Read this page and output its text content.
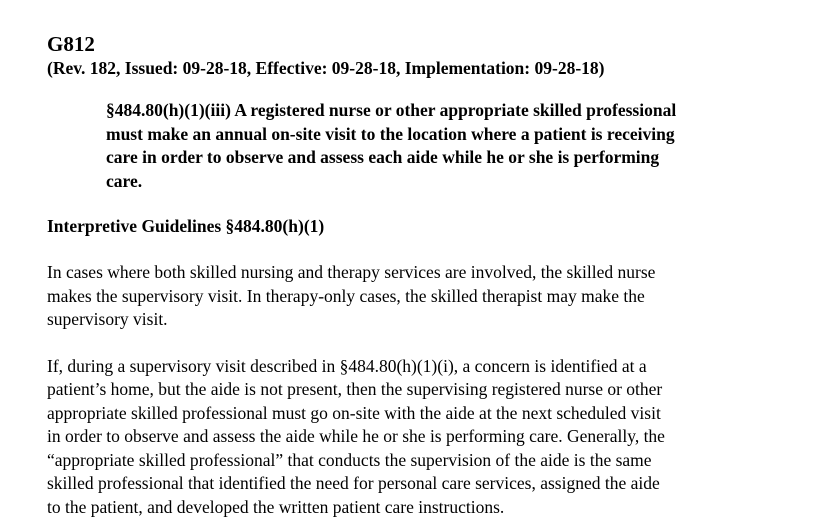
G812
(Rev. 182, Issued: 09-28-18, Effective: 09-28-18, Implementation: 09-28-18)
§484.80(h)(1)(iii) A registered nurse or other appropriate skilled professional
must make an annual on-site visit to the location where a patient is receiving
care in order to observe and assess each aide while he or she is performing
care.
Interpretive Guidelines §484.80(h)(1)
In cases where both skilled nursing and therapy services are involved, the skilled nurse
makes the supervisory visit. In therapy-only cases, the skilled therapist may make the
supervisory visit.
If, during a supervisory visit described in §484.80(h)(1)(i), a concern is identified at a
patient’s home, but the aide is not present, then the supervising registered nurse or other
appropriate skilled professional must go on-site with the aide at the next scheduled visit
in order to observe and assess the aide while he or she is performing care. Generally, the
“appropriate skilled professional” that conducts the supervision of the aide is the same
skilled professional that identified the need for personal care services, assigned the aide
to the patient, and developed the written patient care instructions.
